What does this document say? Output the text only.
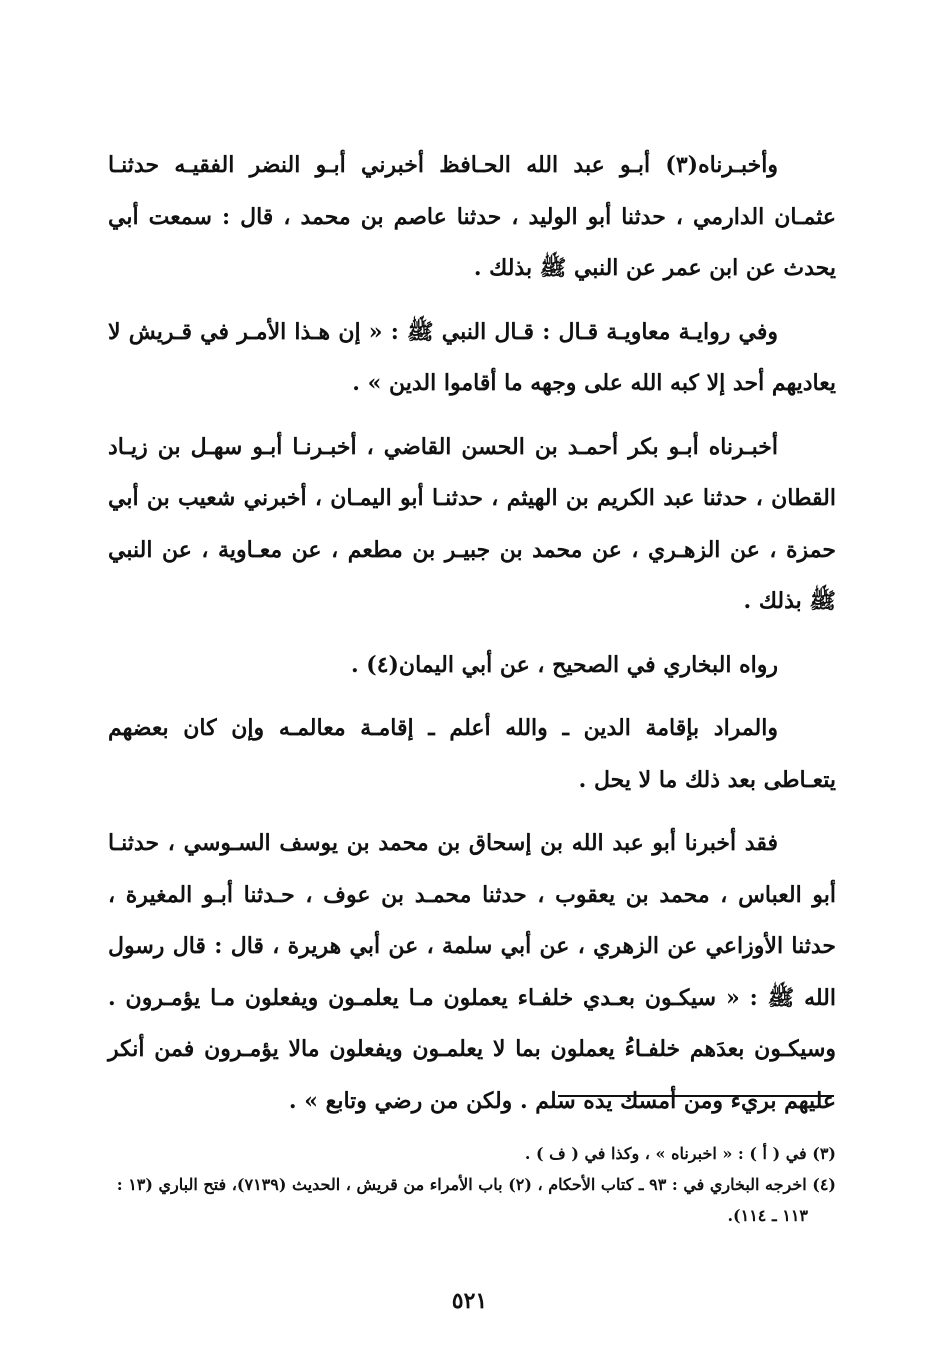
وأخبـرناه(٣) أبـو عبد الله الحـافظ أخبرني أبـو النضر الفقيـه حدثنـا عثمـان الدارمي ، حدثنا أبو الوليد ، حدثنا عاصم بن محمد ، قال : سمعت أبي يحدث عن ابن عمر عن النبي ﷺ بذلك .

وفي روايـة معاويـة قـال : قـال النبي ﷺ : « إن هـذا الأمـر في قـريش لا يعاديهم أحد إلا كبه الله على وجهه ما أقاموا الدين » .

أخبـرناه أبـو بكر أحمـد بن الحسن القاضي ، أخبـرنـا أبـو سهـل بن زيـاد القطان ، حدثنا عبد الكريم بن الهيثم ، حدثنـا أبو اليمـان ، أخبرني شعيب بن أبي حمزة ، عن الزهـري ، عن محمد بن جبيـر بن مطعم ، عن معـاوية ، عن النبي ﷺ بذلك .

رواه البخاري في الصحيح ، عن أبي اليمان(٤) .

والمراد بإقامة الدين ـ والله أعلم ـ إقامـة معالمـه وإن كان بعضهم يتعـاطى بعد ذلك ما لا يحل .

فقد أخبرنا أبو عبد الله بن إسحاق بن محمد بن يوسف السـوسي ، حدثنـا أبو العباس ، محمد بن يعقوب ، حدثنا محمـد بن عوف ، حـدثنا أبـو المغيرة ، حدثنا الأوزاعي عن الزهري ، عن أبي سلمة ، عن أبي هريرة ، قال : قال رسول الله ﷺ : « سيكـون بعـدي خلفـاء يعملون مـا يعلمـون ويفعلون مـا يؤمـرون . وسيكـون بعدَهم خلفـاءُ يعملون بما لا يعلمـون ويفعلون مالا يؤمـرون فمن أنكر عليهم بريء ومن أمسك يده سلم . ولكن من رضي وتابع » .

(٣) في ( أ ) : « اخبرناه » ، وكذا في ( ف ) .

(٤) اخرجه البخاري في : ٩٣ ـ كتاب الأحكام ، (٢) باب الأمراء من قريش ، الحديث (٧١٣٩)، فتح الباري (١٣ : ١١٣ ـ ١١٤).

٥٢١
